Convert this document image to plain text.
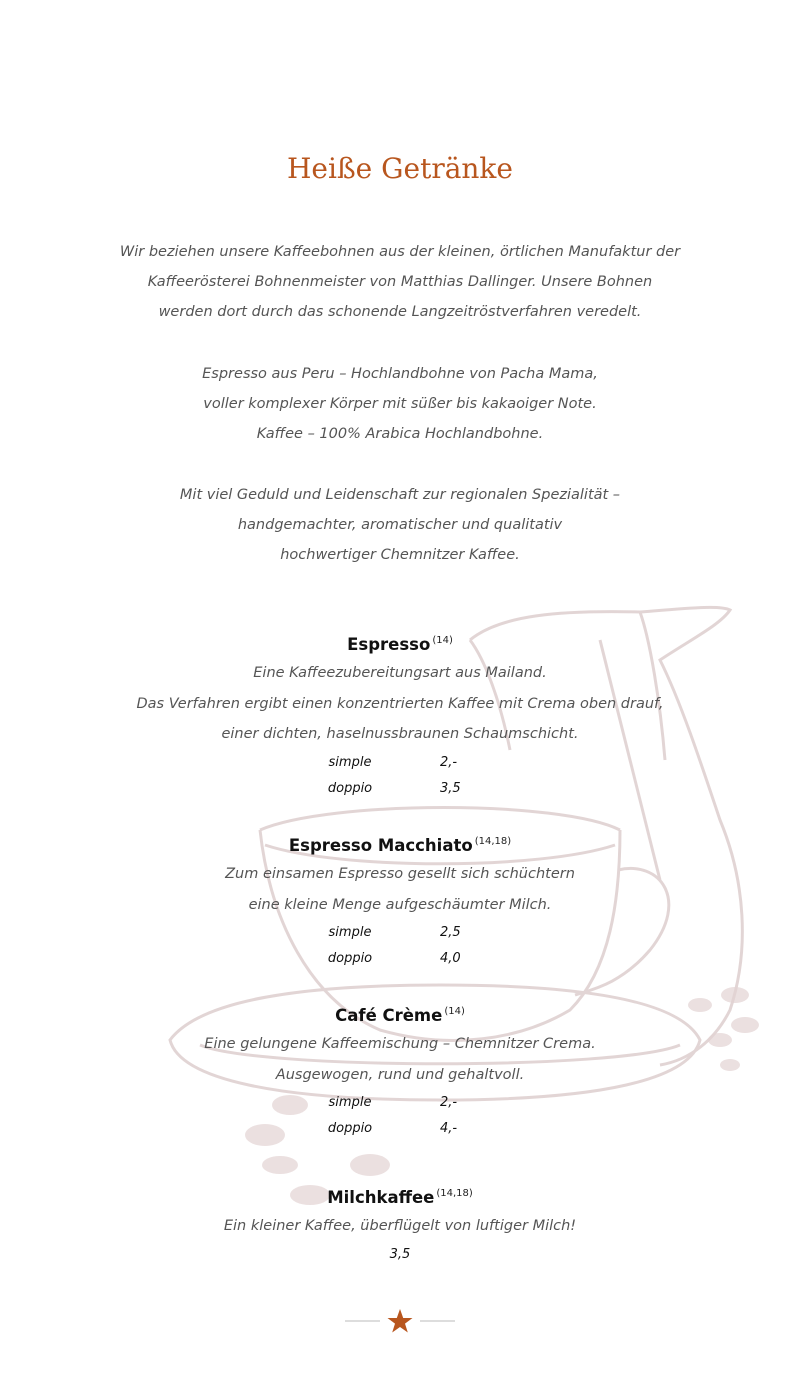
Heiße Getränke

Wir beziehen unsere Kaffeebohnen aus der kleinen, örtlichen Manufaktur der

Kaffeerösterei Bohnenmeister von Matthias Dallinger. Unsere Bohnen

werden dort durch das schonende Langzeitröstverfahren veredelt.

Espresso aus Peru – Hochlandbohne von Pacha Mama,

voller komplexer Körper mit süßer bis kakaoiger Note.

Kaffee – 100% Arabica Hochlandbohne.

Mit viel Geduld und Leidenschaft zur regionalen Spezialität –

handgemachter, aromatischer und qualitativ

hochwertiger Chemnitzer Kaffee.

Espresso $^{(14)}$
Eine Kaffeezubereitungsart aus Mailand.
Das Verfahren ergibt einen konzentrierten Kaffee mit Crema oben drauf,
einer dichten, haselnussbraunen Schaumschicht.
simple	2,-
doppio	3,5
Espresso Macchiato $^{(14,18)}$
Zum einsamen Espresso gesellt sich schüchtern
eine kleine Menge aufgeschäumter Milch.
simple	2,5
doppio	4,0
Café Crème $^{(14)}$
Eine gelungene Kaffeemischung – Chemnitzer Crema.
Ausgewogen, rund und gehaltvoll.
simple	2,-
doppio	4,-
Milchkaffee $^{(14,18)}$
Ein kleiner Kaffee, überflügelt von luftiger Milch!
3,5
